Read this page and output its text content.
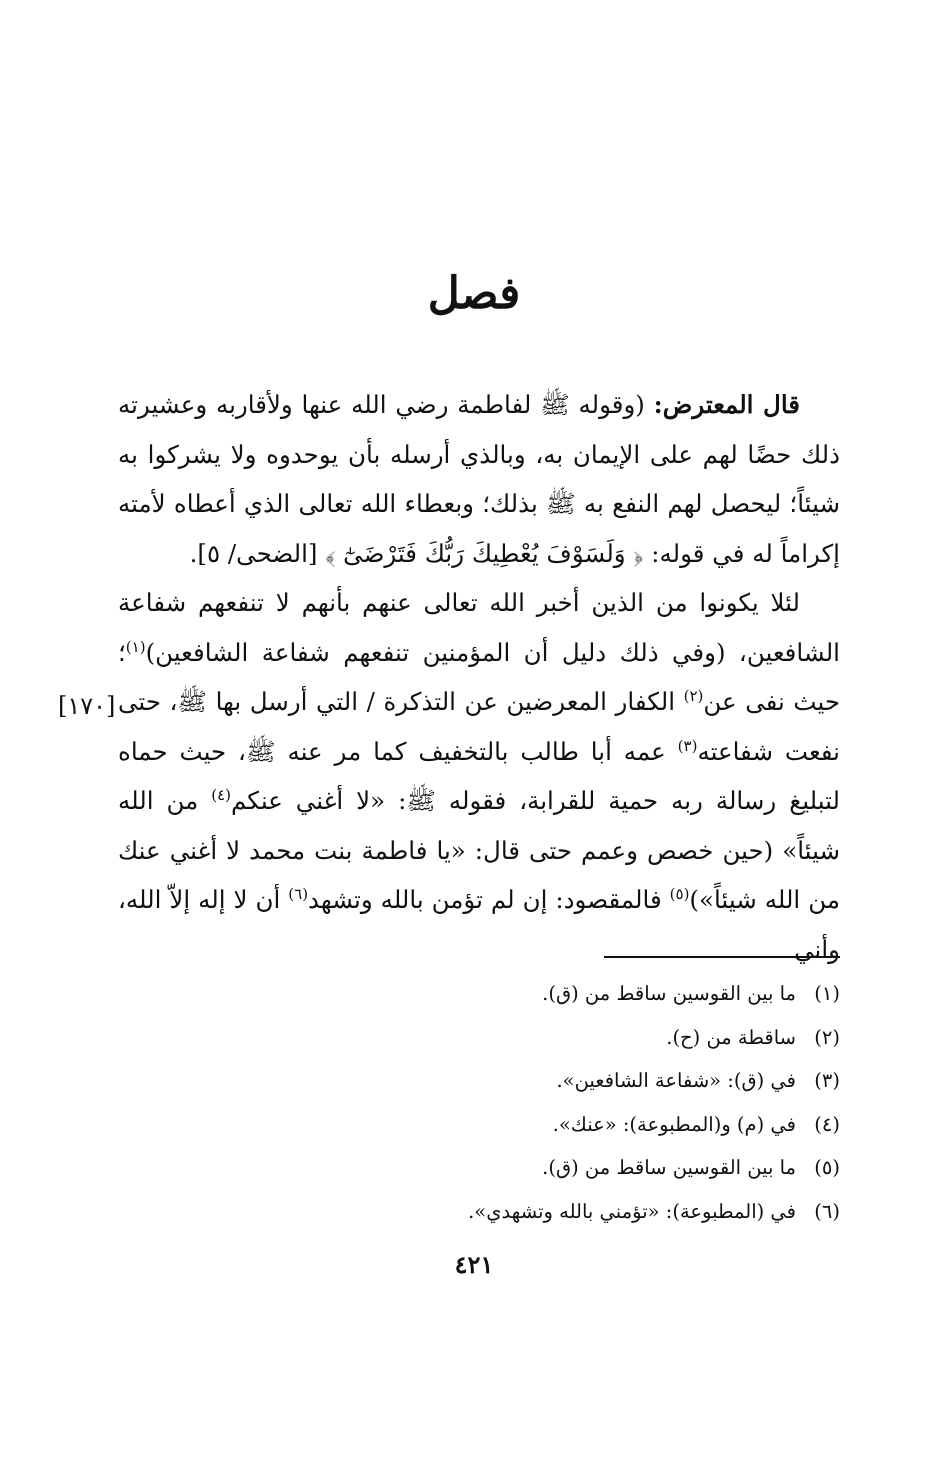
فصل

قال المعترض: (وقوله ﷺ لفاطمة رضي الله عنها ولأقاربه وعشيرته ذلك حضًا لهم على الإيمان به، وبالذي أرسله بأن يوحدوه ولا يشركوا به شيئاً؛ ليحصل لهم النفع به ﷺ بذلك؛ وبعطاء الله تعالى الذي أعطاه لأمته إكراماً له في قوله: ﴿ وَلَسَوْفَ يُعْطِيكَ رَبُّكَ فَتَرْضَىٰٓ ﴾ [الضحى/ ٥].

لئلا يكونوا من الذين أخبر الله تعالى عنهم بأنهم لا تنفعهم شفاعة الشافعين، (وفي ذلك دليل أن المؤمنين تنفعهم شفاعة الشافعين)$^{(١)}$؛ حيث نفى عن$^{(٢)}$ الكفار المعرضين عن التذكرة / التي أرسل بها ﷺ، حتى نفعت شفاعته$^{(٣)}$ عمه أبا طالب بالتخفيف كما مر عنه ﷺ، حيث حماه لتبليغ رسالة ربه حمية للقرابة، فقوله ﷺ: «لا أغني عنكم$^{(٤)}$ من الله شيئاً» (حين خصص وعمم حتى قال: «يا فاطمة بنت محمد لا أغني عنك من الله شيئاً»)$^{(٥)}$ فالمقصود: إن لم تؤمن بالله وتشهد$^{(٦)}$ أن لا إله إلاّ الله، وأني

[١٧٠]
(١)ما بين القوسين ساقط من (ق).
(٢)ساقطة من (ح).
(٣)في (ق): «شفاعة الشافعين».
(٤)في (م) و(المطبوعة): «عنك».
(٥)ما بين القوسين ساقط من (ق).
(٦)في (المطبوعة): «تؤمني بالله وتشهدي».
٤٢١
